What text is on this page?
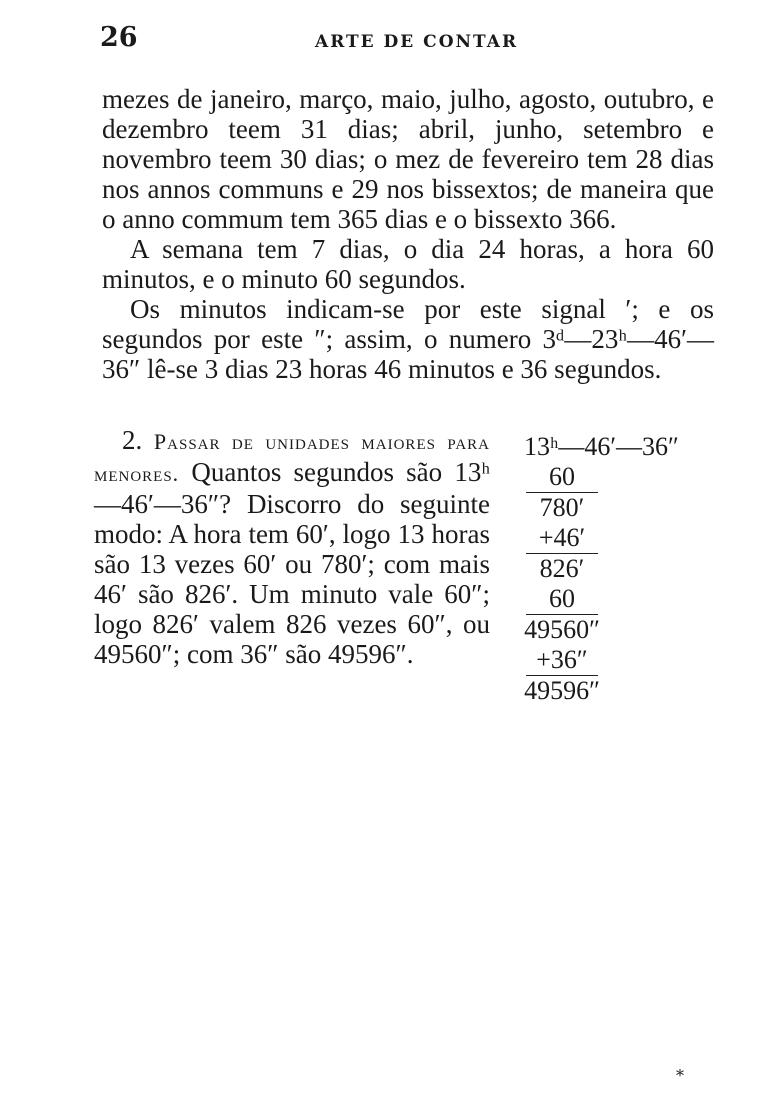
26	ARTE DE CONTAR

mezes de janeiro, março, maio, julho, agosto, outubro, e dezembro teem 31 dias; abril, junho, setembro e novembro teem 30 dias; o mez de fevereiro tem 28 dias nos annos communs e 29 nos bissextos; de maneira que o anno commum tem 365 dias e o bissexto 366.

A semana tem 7 dias, o dia 24 horas, a hora 60 minutos, e o minuto 60 segundos.

Os minutos indicam-se por este signal ′; e os segundos por este ″; assim, o numero 3ᵈ—23ʰ—46′—36″ lê-se 3 dias 23 horas 46 minutos e 36 segundos.

2. Passar de unidades maiores para menores. Quantos segundos são 13ʰ—46′—36″? Discorro do seguinte modo: A hora tem 60′, logo 13 horas são 13 vezes 60′ ou 780′; com mais 46′ são 826′. Um minuto vale 60″; logo 826′ valem 826 vezes 60″, ou 49560″; com 36″ são 49596″.

13ʰ—46′—36″
60
780′
+46′
826′
60
49560″
+36″
49596″
*
